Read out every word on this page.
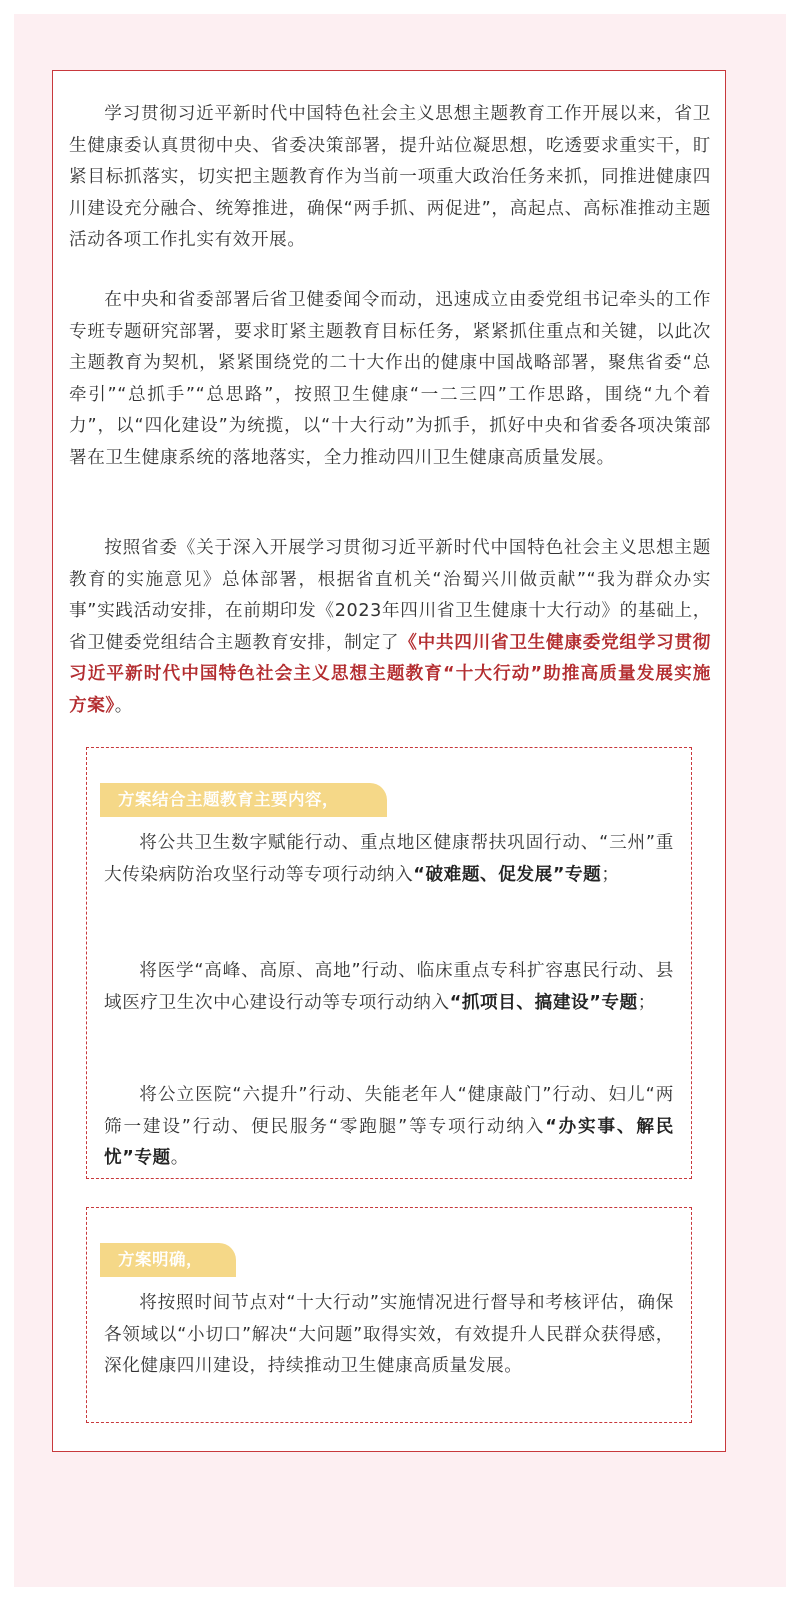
学习贯彻习近平新时代中国特色社会主义思想主题教育工作开展以来，省卫生健康委认真贯彻中央、省委决策部署，提升站位凝思想，吃透要求重实干，盯紧目标抓落实，切实把主题教育作为当前一项重大政治任务来抓，同推进健康四川建设充分融合、统筹推进，确保“两手抓、两促进”，高起点、高标准推动主题活动各项工作扎实有效开展。

在中央和省委部署后省卫健委闻令而动，迅速成立由委党组书记牵头的工作专班专题研究部署，要求盯紧主题教育目标任务，紧紧抓住重点和关键，以此次主题教育为契机，紧紧围绕党的二十大作出的健康中国战略部署，聚焦省委“总牵引”“总抓手”“总思路”，按照卫生健康“一二三四”工作思路，围绕“九个着力”，以“四化建设”为统揽，以“十大行动”为抓手，抓好中央和省委各项决策部署在卫生健康系统的落地落实，全力推动四川卫生健康高质量发展。

按照省委《关于深入开展学习贯彻习近平新时代中国特色社会主义思想主题教育的实施意见》总体部署，根据省直机关“治蜀兴川做贡献”“我为群众办实事”实践活动安排，在前期印发《2023年四川省卫生健康十大行动》的基础上，省卫健委党组结合主题教育安排，制定了《中共四川省卫生健康委党组学习贯彻习近平新时代中国特色社会主义思想主题教育“十大行动”助推高质量发展实施方案》。

方案结合主题教育主要内容，

将公共卫生数字赋能行动、重点地区健康帮扶巩固行动、“三州”重大传染病防治攻坚行动等专项行动纳入“破难题、促发展”专题；

将医学“高峰、高原、高地”行动、临床重点专科扩容惠民行动、县域医疗卫生次中心建设行动等专项行动纳入“抓项目、搞建设”专题；

将公立医院“六提升”行动、失能老年人“健康敲门”行动、妇儿“两筛一建设”行动、便民服务“零跑腿”等专项行动纳入“办实事、解民忧”专题。

方案明确，

将按照时间节点对“十大行动”实施情况进行督导和考核评估，确保各领域以“小切口”解决“大问题”取得实效，有效提升人民群众获得感，深化健康四川建设，持续推动卫生健康高质量发展。
